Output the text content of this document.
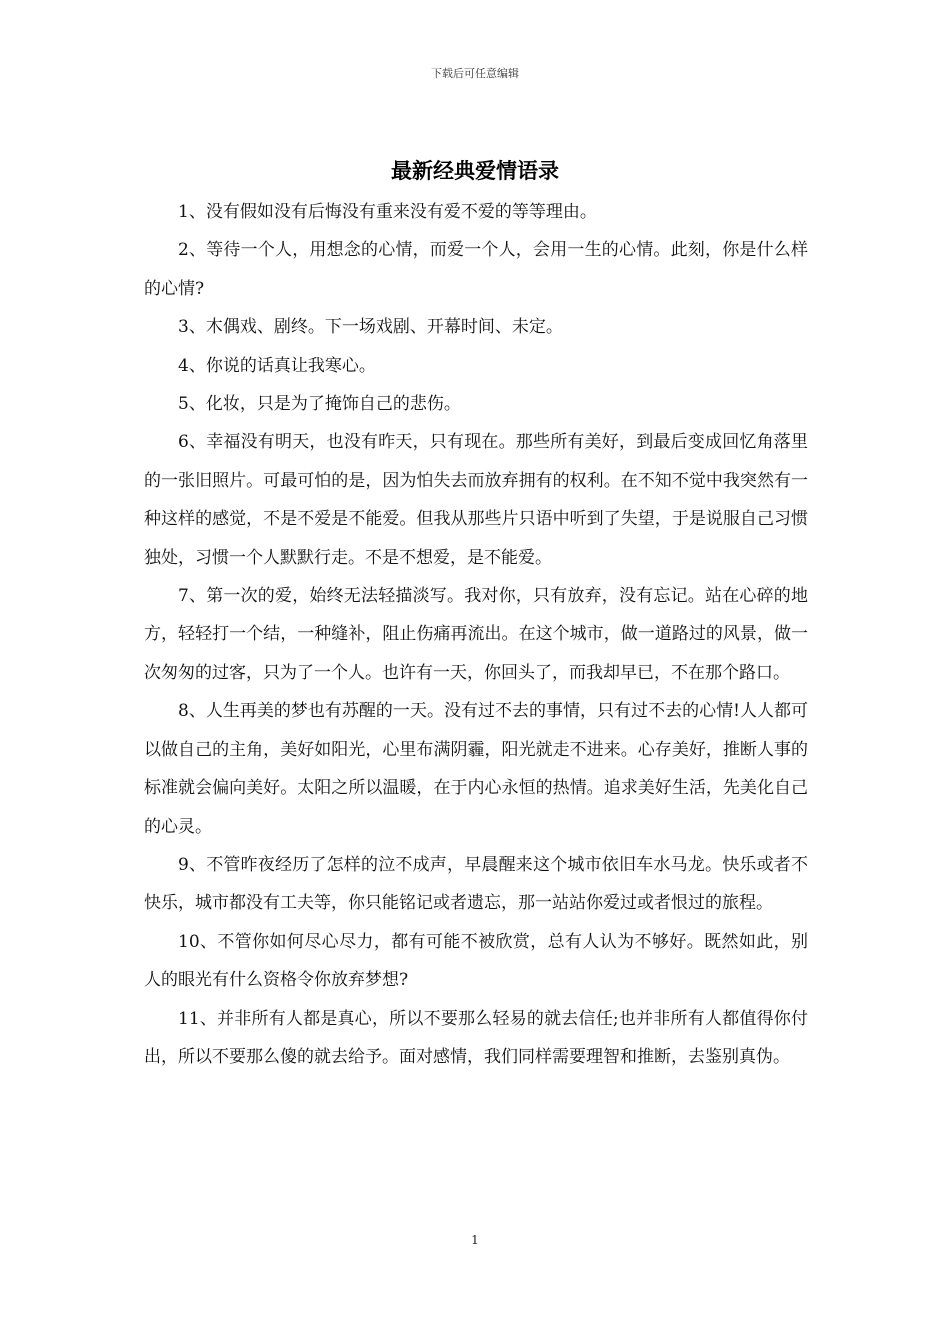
下载后可任意编辑
最新经典爱情语录

1、没有假如没有后悔没有重来没有爱不爱的等等理由。

2、等待一个人，用想念的心情，而爱一个人，会用一生的心情。此刻，你是什么样的心情?

3、木偶戏、剧终。下一场戏剧、开幕时间、未定。

4、你说的话真让我寒心。

5、化妆，只是为了掩饰自己的悲伤。

6、幸福没有明天，也没有昨天，只有现在。那些所有美好，到最后变成回忆角落里的一张旧照片。可最可怕的是，因为怕失去而放弃拥有的权利。在不知不觉中我突然有一种这样的感觉，不是不爱是不能爱。但我从那些片只语中听到了失望，于是说服自己习惯独处，习惯一个人默默行走。不是不想爱，是不能爱。

7、第一次的爱，始终无法轻描淡写。我对你，只有放弃，没有忘记。站在心碎的地方，轻轻打一个结，一种缝补，阻止伤痛再流出。在这个城市，做一道路过的风景，做一次匆匆的过客，只为了一个人。也许有一天，你回头了，而我却早已，不在那个路口。

8、人生再美的梦也有苏醒的一天。没有过不去的事情，只有过不去的心情!人人都可以做自己的主角，美好如阳光，心里布满阴霾，阳光就走不进来。心存美好，推断人事的标准就会偏向美好。太阳之所以温暖，在于内心永恒的热情。追求美好生活，先美化自己的心灵。

9、不管昨夜经历了怎样的泣不成声，早晨醒来这个城市依旧车水马龙。快乐或者不快乐，城市都没有工夫等，你只能铭记或者遗忘，那一站站你爱过或者恨过的旅程。

10、不管你如何尽心尽力，都有可能不被欣赏，总有人认为不够好。既然如此，别人的眼光有什么资格令你放弃梦想?

11、并非所有人都是真心，所以不要那么轻易的就去信任;也并非所有人都值得你付出，所以不要那么傻的就去给予。面对感情，我们同样需要理智和推断，去鉴别真伪。

1
